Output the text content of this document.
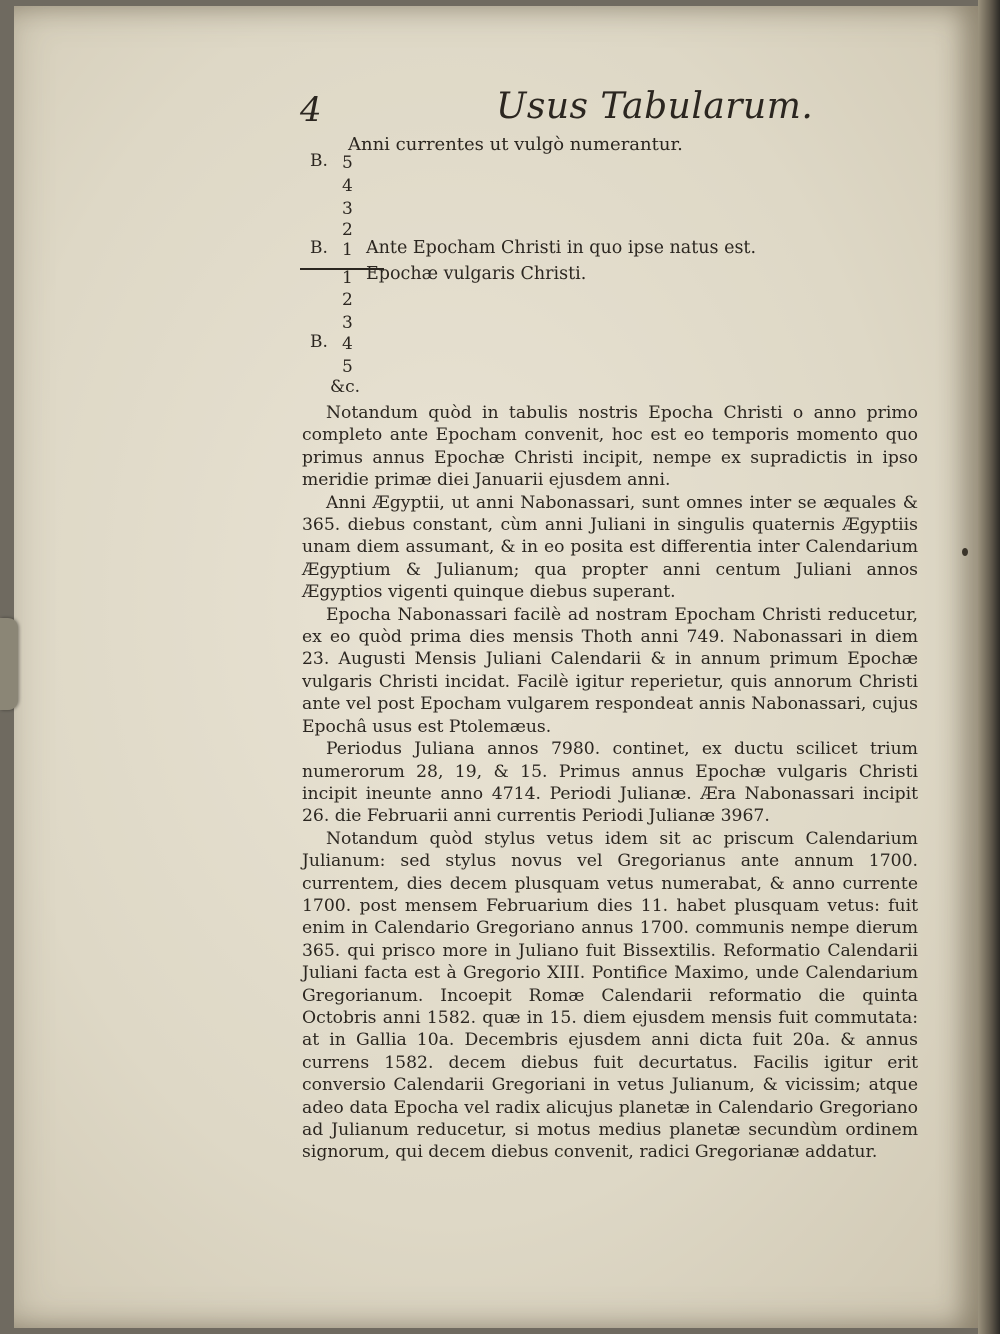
4	Usus Tabularum.
Anni currentes ut vulgò numerantur.
B.
B.
B.
5
4
3
2
1 Ante Epocham Christi in quo ipse natus est.
1 Epochæ vulgaris Christi.
2
3
4
5
&c.

Notandum quòd in tabulis nostris Epocha Christi o anno primo completo ante Epocham convenit, hoc est eo temporis momento quo primus annus Epochæ Christi incipit, nempe ex supradictis in ipso meridie primæ diei Januarii ejusdem anni.

Anni Ægyptii, ut anni Nabonassari, sunt omnes inter se æquales & 365. diebus constant, cùm anni Juliani in singulis quaternis Ægyptiis unam diem assumant, & in eo posita est differentia inter Calendarium Ægyptium & Julianum; qua propter anni centum Juliani annos Ægyptios vigenti quinque diebus superant.

Epocha Nabonassari facilè ad nostram Epocham Christi reducetur, ex eo quòd prima dies mensis Thoth anni 749. Nabonassari in diem 23. Augusti Mensis Juliani Calendarii & in annum primum Epochæ vulgaris Christi incidat. Facilè igitur reperietur, quis annorum Christi ante vel post Epocham vulgarem respondeat annis Nabonassari, cujus Epochâ usus est Ptolemæus.

Periodus Juliana annos 7980. continet, ex ductu scilicet trium numerorum 28, 19, & 15. Primus annus Epochæ vulgaris Christi incipit ineunte anno 4714. Periodi Julianæ. Æra Nabonassari incipit 26. die Februarii anni currentis Periodi Julianæ 3967.

Notandum quòd stylus vetus idem sit ac priscum Calendarium Julianum: sed stylus novus vel Gregorianus ante annum 1700. currentem, dies decem plusquam vetus numerabat, & anno currente 1700. post mensem Februarium dies 11. habet plusquam vetus: fuit enim in Calendario Gregoriano annus 1700. communis nempe dierum 365. qui prisco more in Juliano fuit Bissextilis. Reformatio Calendarii Juliani facta est à Gregorio XIII. Pontifice Maximo, unde Calendarium Gregorianum. Incoepit Romæ Calendarii reformatio die quinta Octobris anni 1582. quæ in 15. diem ejusdem mensis fuit commutata: at in Gallia 10a. Decembris ejusdem anni dicta fuit 20a. & annus currens 1582. decem diebus fuit decurtatus. Facilis igitur erit conversio Calendarii Gregoriani in vetus Julianum, & vicissim; atque adeo data Epocha vel radix alicujus planetæ in Calendario Gregoriano ad Julianum reducetur, si motus medius planetæ secundùm ordinem signorum, qui decem diebus convenit, radici Gregorianæ addatur.
